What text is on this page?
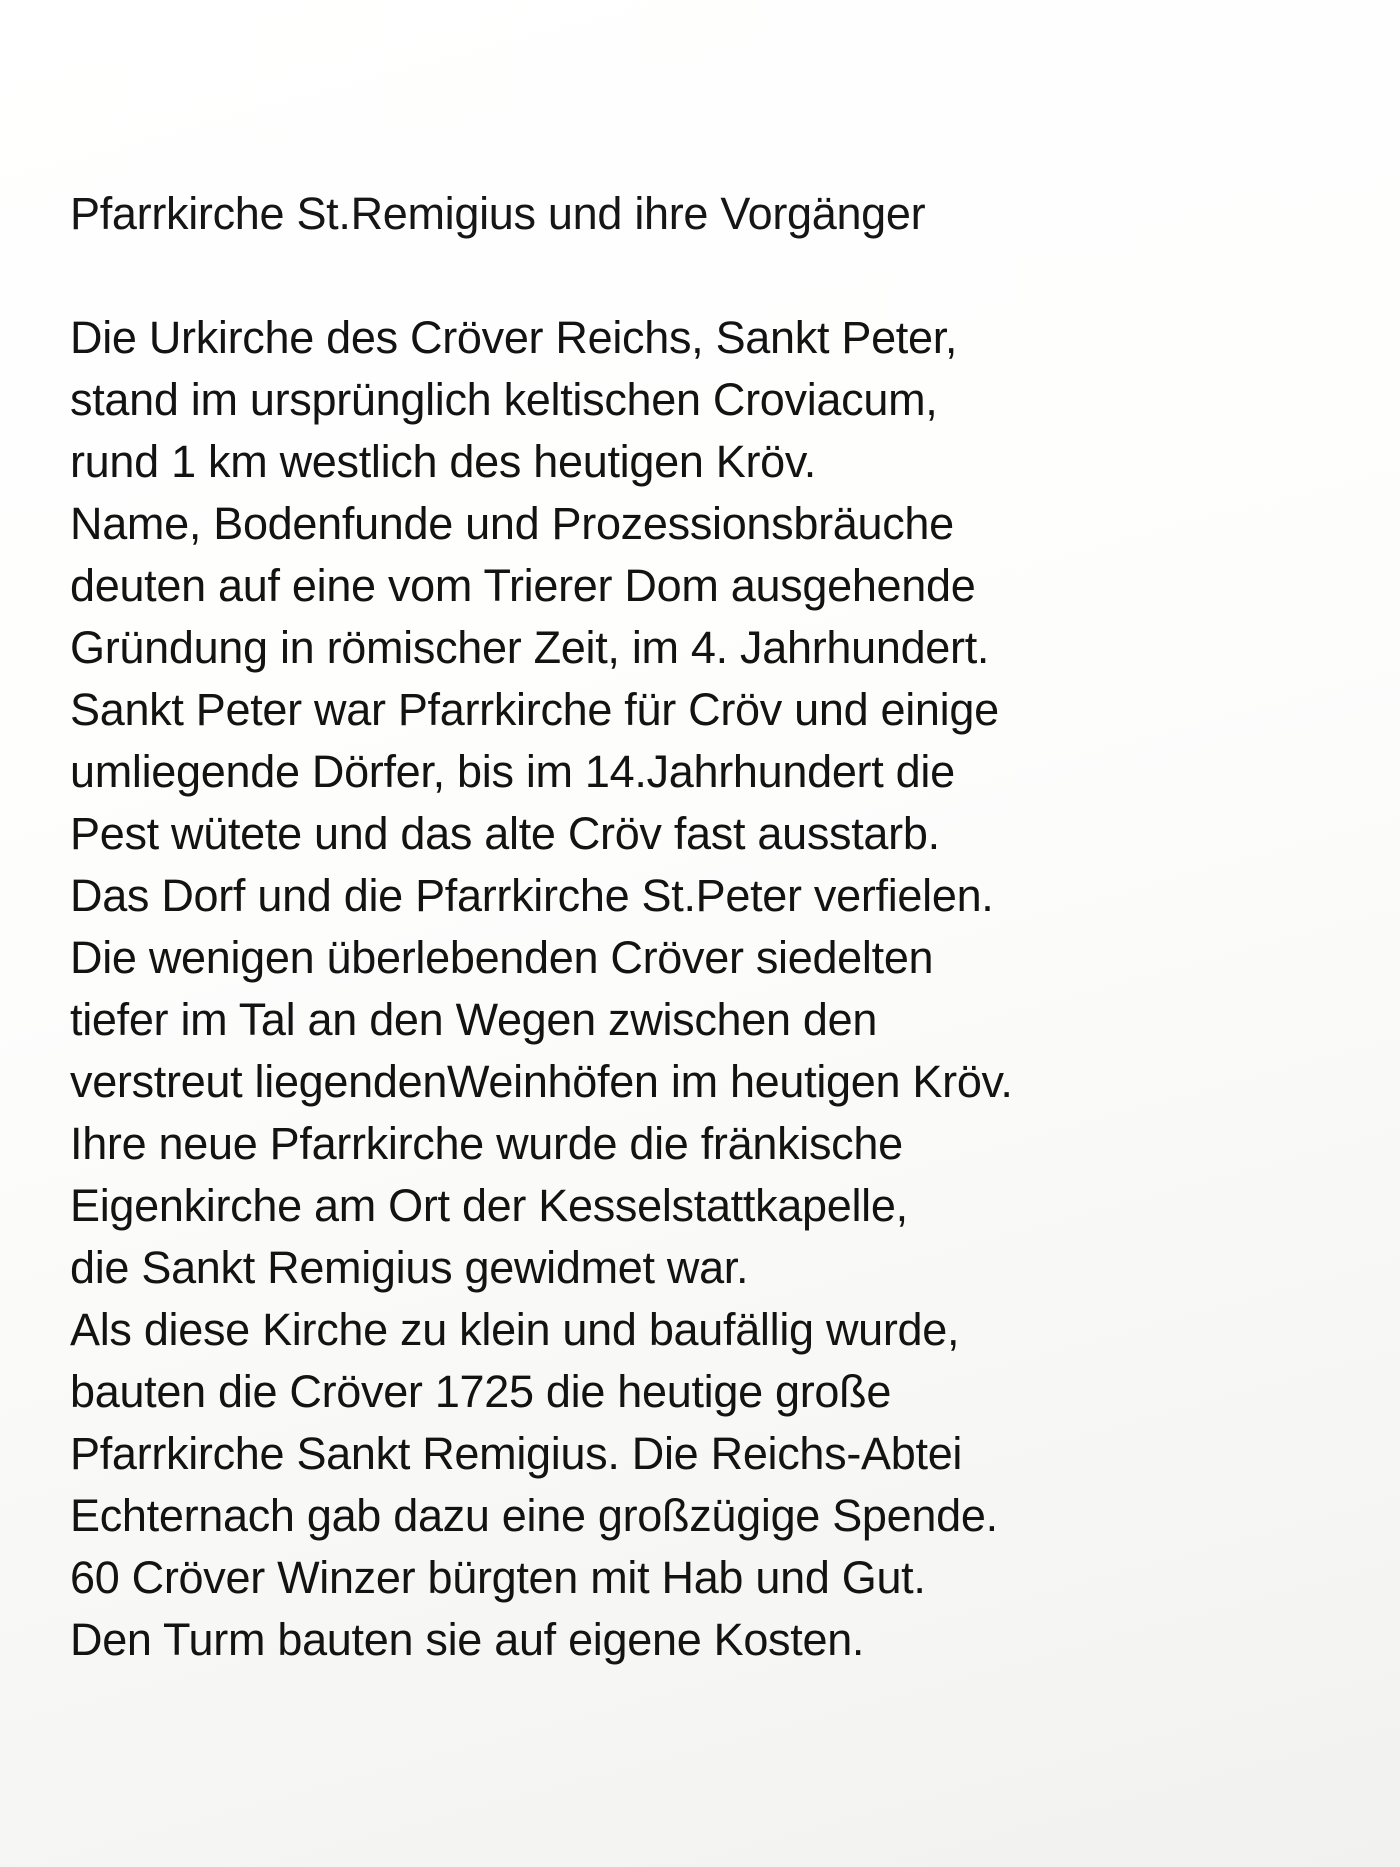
Pfarrkirche St.Remigius und ihre Vorgänger
Die Urkirche des Cröver Reichs, Sankt Peter,
stand im ursprünglich keltischen Croviacum,
rund 1 km westlich des heutigen Kröv.
Name, Bodenfunde und Prozessionsbräuche
deuten auf eine vom Trierer Dom ausgehende
Gründung in römischer Zeit, im 4. Jahrhundert.
Sankt Peter war Pfarrkirche für Cröv und einige
umliegende Dörfer, bis im 14.Jahrhundert die
Pest wütete und das alte Cröv fast ausstarb.
Das Dorf und die Pfarrkirche St.Peter verfielen.
Die wenigen überlebenden Cröver siedelten
tiefer im Tal an den Wegen zwischen den
verstreut liegendenWeinhöfen im heutigen Kröv.
Ihre neue Pfarrkirche wurde die fränkische
Eigenkirche am Ort der Kesselstattkapelle,
die Sankt Remigius gewidmet war.
Als diese Kirche zu klein und baufällig wurde,
bauten die Cröver 1725 die heutige große
Pfarrkirche Sankt Remigius. Die Reichs-Abtei
Echternach gab dazu eine großzügige Spende.
60 Cröver Winzer bürgten mit Hab und Gut.
Den Turm bauten sie auf eigene Kosten.
